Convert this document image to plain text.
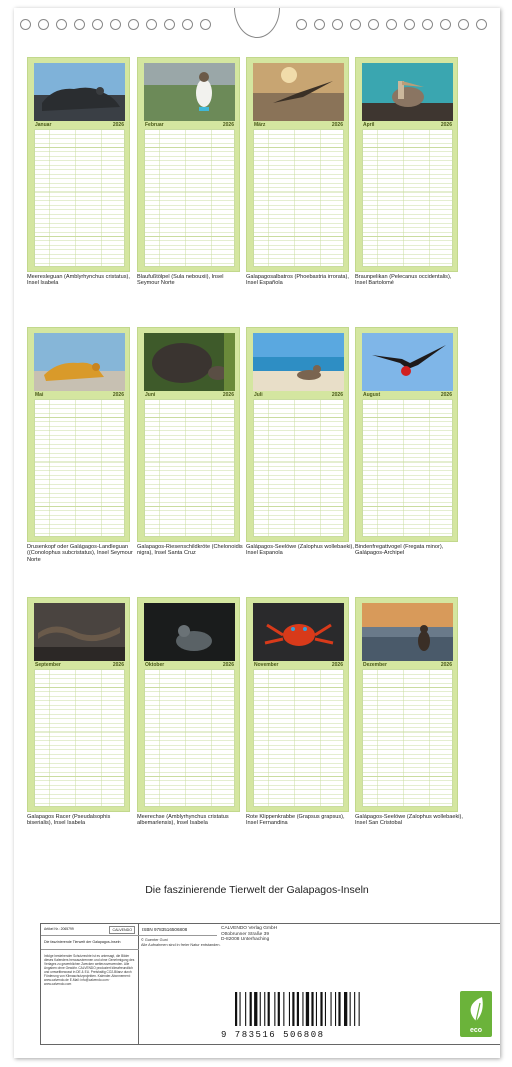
Januar	2026
Meeresleguan (Amblyrhynchus cristatus), Insel Isabela
Februar	2026
Blaufußtölpel (Sula nebouxii), Insel Seymour Norte
März	2026
Galapagosalbatros (Phoebastria irrorata), Insel Española
April	2026
Braunpelikan (Pelecanus occidentalis), Insel Bartolomé
Mai	2026
Drusenkopf oder Galágagos-Landleguan ((Conolophus subcristatus), Insel Seymour Norte
Juni	2026
Galapagos-Riesenschildkröte (Chelonoidis nigra), Insel Santa Cruz
Juli	2026
Galápagos-Seelöwe (Zalophus wollebaeki), Insel Espanola
August	2026
Bindenfregattvogel (Fregata minor), Galápagos-Archipel
September	2026
Galapagos Racer (Pseudalsophis biserialis), Insel Isabela
Oktober	2026
Meerechse (Amblyrhynchus cristatus albemarlensis), Insel Isabela
November	2026
Rote Klippenkrabbe (Grapsus grapsus), Insel Fernandina
Dezember	2026
Galápagos-Seelöwe (Zalophus wollebaeki), Insel San Cristobal
Die faszinierende Tierwelt der Galapagos-Inseln
Artikel Nr.: 2065799	CALVENDO
Die faszinierende Tierwelt der Galapagos-Inseln
Infolge bestehender Schutzrechte ist es untersagt, die Bilder dieses Kalenders herauszutrennen und ohne Genehmigung des Verlages zu gewerblichen Zwecken weiterzuverwenden. Alle Angaben ohne Gewähr. CALVENDO produziert klimafreundlich und umweltbewusst in DE & EU. Preishaltig CO2-Bilanz durch Förderung von Klimaschutzprojekten. Kalender-Abonnement: www.calvendo.de E-Mail: info@calvendo.com · www.calvendo.com
ISBN 9783516506808
© Guenter Guni
Alle Aufnahmen sind in freier Natur entstanden.
CALVENDO Verlag GmbH
Ottobrunner Straße 39
D-82008 Unterhaching
9 783516 506808	eco
